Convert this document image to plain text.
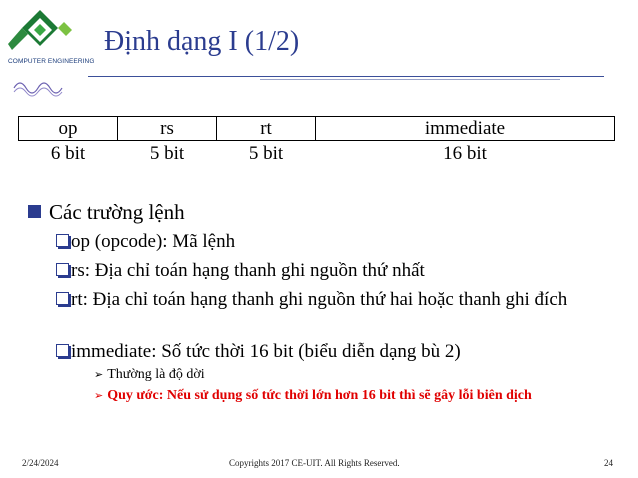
COMPUTER ENGINEERING
Định dạng I (1/2)
op	rs	rt	immediate
6 bit	5 bit	5 bit	16 bit
Các trường lệnh
op (opcode): Mã lệnh
rs: Địa chỉ toán hạng thanh ghi nguồn thứ nhất
rt: Địa chỉ toán hạng thanh ghi nguồn thứ hai hoặc thanh ghi đích
immediate: Số tức thời 16 bit (biểu diễn dạng bù 2)
➢ Thường là độ dời
➢ Quy ước: Nếu sử dụng số tức thời lớn hơn 16 bit thì sẽ gây lỗi biên dịch
2/24/2024	Copyrights 2017 CE-UIT. All Rights Reserved.	24
